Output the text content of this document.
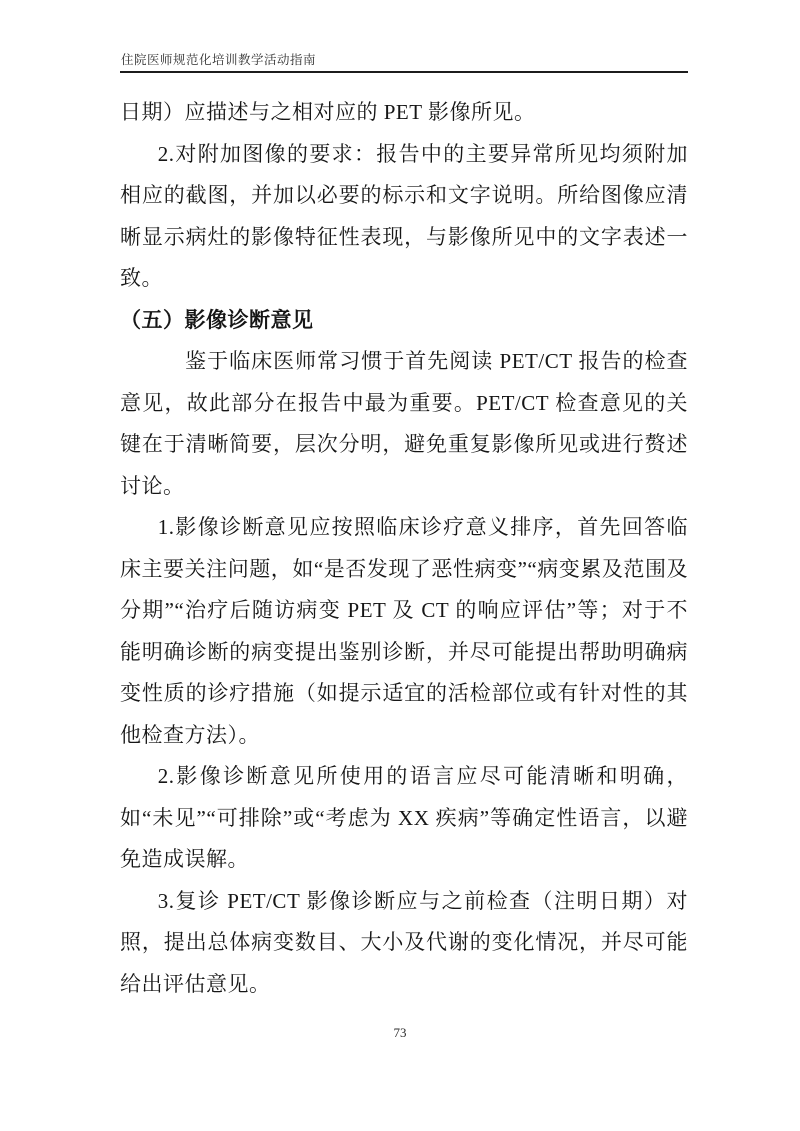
住院医师规范化培训教学活动指南

日期）应描述与之相对应的 PET 影像所见。

2.对附加图像的要求：报告中的主要异常所见均须附加相应的截图，并加以必要的标示和文字说明。所给图像应清晰显示病灶的影像特征性表现，与影像所见中的文字表述一致。

（五）影像诊断意见

鉴于临床医师常习惯于首先阅读 PET/CT 报告的检查意见，故此部分在报告中最为重要。PET/CT 检查意见的关键在于清晰简要，层次分明，避免重复影像所见或进行赘述讨论。

1.影像诊断意见应按照临床诊疗意义排序，首先回答临床主要关注问题，如“是否发现了恶性病变”“病变累及范围及分期”“治疗后随访病变 PET 及 CT 的响应评估”等；对于不能明确诊断的病变提出鉴别诊断，并尽可能提出帮助明确病变性质的诊疗措施（如提示适宜的活检部位或有针对性的其他检查方法）。

2.影像诊断意见所使用的语言应尽可能清晰和明确，如“未见”“可排除”或“考虑为 XX 疾病”等确定性语言，以避免造成误解。

3.复诊 PET/CT 影像诊断应与之前检查（注明日期）对照，提出总体病变数目、大小及代谢的变化情况，并尽可能给出评估意见。

73
